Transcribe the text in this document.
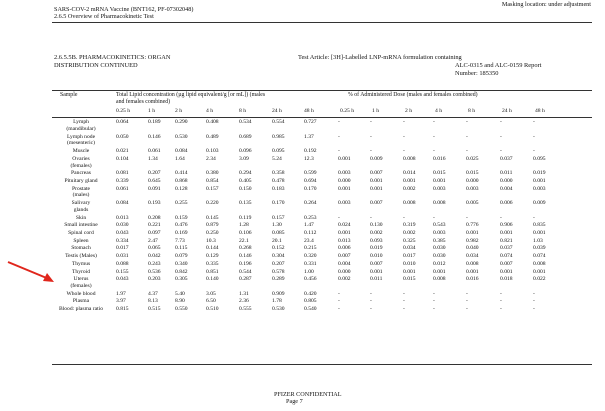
SARS-COV-2 mRNA Vaccine (BNT162, PF-07302048)
2.6.5 Overview of Pharmacokinetic Test
Masking location: under adjustment
2.6.5.5B. PHARMACOKINETICS: ORGAN
DISTRIBUTION CONTINUED
Test Article: [3H]-Labelled LNP-mRNA formulation containing
ALC-0315 and ALC-0159 Report
Number: 185350
Sample	Total Lipid concentration (µg lipid equivalent/g [or mL]) (males
and females combined)
% of Administered Dose (males and females combined)
0.25 h	0.25 h
1 h	1 h
2 h	2 h
4 h	4 h
8 h	8 h
24 h	24 h
48 h	48 h
Lymph
(mandibular)
0.064	0.189	0.290	0.408	0.534	0.554	0.727	-	-	-	-	-	-	-
Lymph node
(mesenteric)
0.050	0.146	0.530	0.489	0.689	0.985	1.37	-	-	-	-	-	-	-
Muscle	0.021	0.061	0.084	0.103	0.096	0.095	0.192	-	-	-	-	-	-	-
Ovaries
(females)
0.104	1.34	1.64	2.34	3.09	5.24	12.3	0.001	0.009	0.008	0.016	0.025	0.037	0.095
Pancreas	0.081	0.207	0.414	0.380	0.294	0.358	0.599	0.003	0.007	0.014	0.015	0.015	0.011	0.019
Pituitary gland	0.339	0.645	0.868	0.854	0.405	0.478	0.694	0.000	0.001	0.001	0.001	0.000	0.000	0.001
Prostate
(males)
0.061	0.091	0.128	0.157	0.150	0.183	0.170	0.001	0.001	0.002	0.003	0.003	0.004	0.003
Salivary
glands
0.084	0.193	0.255	0.220	0.135	0.170	0.264	0.003	0.007	0.008	0.008	0.005	0.006	0.009
Skin	0.013	0.208	0.159	0.145	0.119	0.157	0.253	-	-	-	-	-	-	-
Small intestine	0.030	0.221	0.476	0.879	1.28	1.30	1.47	0.024	0.130	0.319	0.543	0.776	0.906	0.835
Spinal cord	0.043	0.097	0.169	0.250	0.106	0.085	0.112	0.001	0.002	0.002	0.003	0.001	0.001	0.001
Spleen	0.334	2.47	7.73	10.3	22.1	20.1	23.4	0.013	0.093	0.325	0.385	0.982	0.821	1.03
Stomach	0.017	0.065	0.115	0.144	0.268	0.152	0.215	0.006	0.019	0.034	0.030	0.040	0.037	0.039
Testis (Males)	0.031	0.042	0.079	0.129	0.146	0.304	0.320	0.007	0.010	0.017	0.030	0.034	0.074	0.074
Thymus	0.088	0.243	0.340	0.335	0.196	0.207	0.331	0.004	0.007	0.010	0.012	0.008	0.007	0.008
Thyroid	0.155	0.536	0.842	0.851	0.544	0.578	1.00	0.000	0.001	0.001	0.001	0.001	0.001	0.001
Uterus
(females)
0.043	0.203	0.305	0.140	0.287	0.289	0.456	0.002	0.011	0.015	0.008	0.016	0.018	0.022
Whole blood	1.97	4.37	5.40	3.05	1.31	0.909	0.420	-	-	-	-	-	-	-
Plasma	3.97	8.13	8.90	6.50	2.36	1.78	0.805	-	-	-	-	-	-	-
Blood: plasma ratio	0.815	0.515	0.550	0.510	0.555	0.530	0.540	-	-	-	-	-	-	-
PFIZER CONFIDENTIAL
Page 7
